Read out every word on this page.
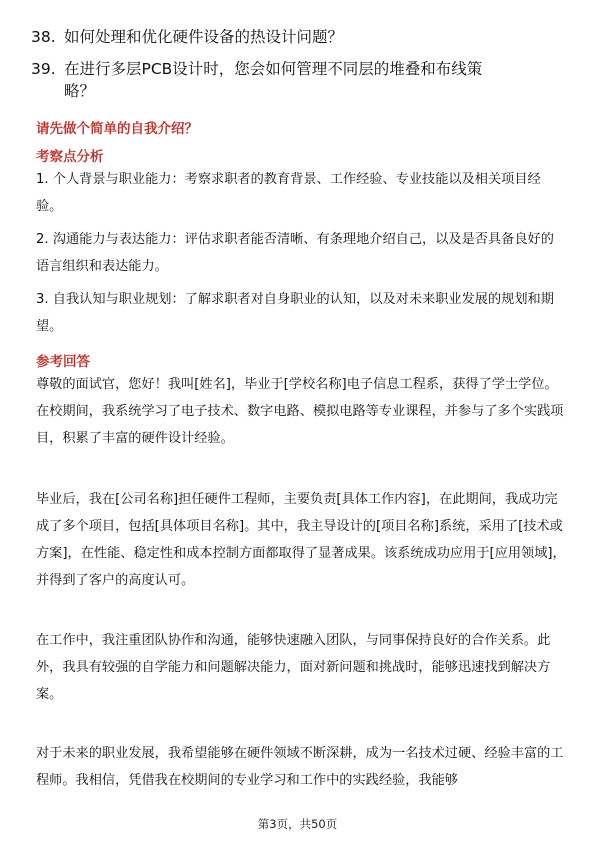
38. 如何处理和优化硬件设备的热设计问题？
39. 在进行多层PCB设计时，您会如何管理不同层的堆叠和布线策
略？
请先做个简单的自我介绍？
考察点分析
1. 个人背景与职业能力：考察求职者的教育背景、工作经验、专业技能以及相关项目经验。
2. 沟通能力与表达能力：评估求职者能否清晰、有条理地介绍自己，以及是否具备良好的语言组织和表达能力。
3. 自我认知与职业规划：了解求职者对自身职业的认知，以及对未来职业发展的规划和期望。
参考回答
尊敬的面试官，您好！我叫[姓名]，毕业于[学校名称]电子信息工程系，获得了学士学位。在校期间，我系统学习了电子技术、数字电路、模拟电路等专业课程，并参与了多个实践项目，积累了丰富的硬件设计经验。
毕业后，我在[公司名称]担任硬件工程师，主要负责[具体工作内容]，在此期间，我成功完成了多个项目，包括[具体项目名称]。其中，我主导设计的[项目名称]系统，采用了[技术或方案]，在性能、稳定性和成本控制方面都取得了显著成果。该系统成功应用于[应用领域]，并得到了客户的高度认可。
在工作中，我注重团队协作和沟通，能够快速融入团队，与同事保持良好的合作关系。此外，我具有较强的自学能力和问题解决能力，面对新问题和挑战时，能够迅速找到解决方案。
对于未来的职业发展，我希望能够在硬件领域不断深耕，成为一名技术过硬、经验丰富的工程师。我相信，凭借我在校期间的专业学习和工作中的实践经验，我能够
第3页，共50页
